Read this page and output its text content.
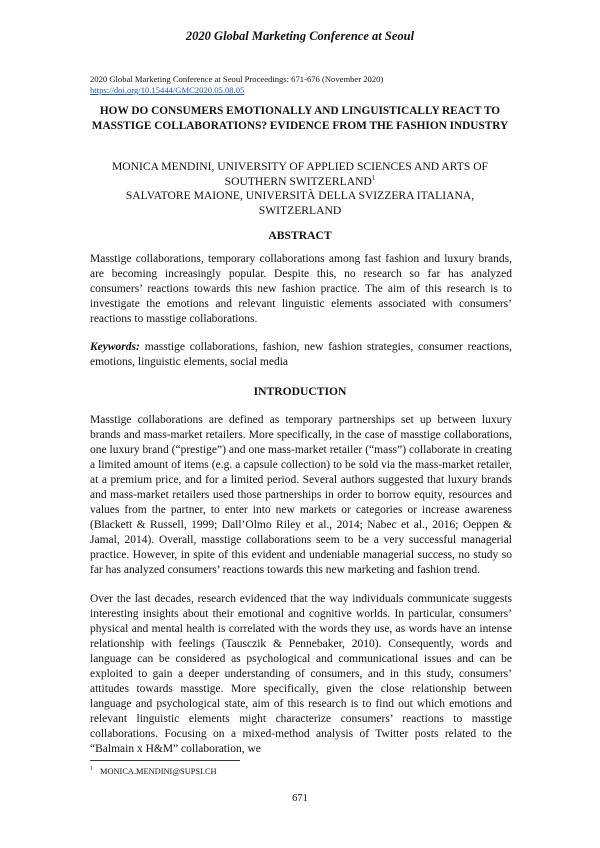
2020 Global Marketing Conference at Seoul
2020 Global Marketing Conference at Seoul Proceedings: 671-676 (November 2020)
https://doi.org/10.15444/GMC2020.05.08.05
HOW DO CONSUMERS EMOTIONALLY AND LINGUISTICALLY REACT TO MASSTIGE COLLABORATIONS? EVIDENCE FROM THE FASHION INDUSTRY
MONICA MENDINI, UNIVERSITY OF APPLIED SCIENCES AND ARTS OF
SOUTHERN SWITZERLAND$^1$
SALVATORE MAIONE, UNIVERSITÀ DELLA SVIZZERA ITALIANA,
SWITZERLAND
ABSTRACT

Masstige collaborations, temporary collaborations among fast fashion and luxury brands, are becoming increasingly popular. Despite this, no research so far has analyzed consumers’ reactions towards this new fashion practice. The aim of this research is to investigate the emotions and relevant linguistic elements associated with consumers’ reactions to masstige collaborations.

Keywords: masstige collaborations, fashion, new fashion strategies, consumer reactions, emotions, linguistic elements, social media

INTRODUCTION

Masstige collaborations are defined as temporary partnerships set up between luxury brands and mass-market retailers. More specifically, in the case of masstige collaborations, one luxury brand (“prestige”) and one mass-market retailer (“mass”) collaborate in creating a limited amount of items (e.g. a capsule collection) to be sold via the mass-market retailer, at a premium price, and for a limited period. Several authors suggested that luxury brands and mass-market retailers used those partnerships in order to borrow equity, resources and values from the partner, to enter into new markets or categories or increase awareness (Blackett & Russell, 1999; Dall’Olmo Riley et al., 2014; Nabec et al., 2016; Oeppen & Jamal, 2014). Overall, masstige collaborations seem to be a very successful managerial practice. However, in spite of this evident and undeniable managerial success, no study so far has analyzed consumers’ reactions towards this new marketing and fashion trend.

Over the last decades, research evidenced that the way individuals communicate suggests interesting insights about their emotional and cognitive worlds. In particular, consumers’ physical and mental health is correlated with the words they use, as words have an intense relationship with feelings (Tausczik & Pennebaker, 2010). Consequently, words and language can be considered as psychological and communicational issues and can be exploited to gain a deeper understanding of consumers, and in this study, consumers’ attitudes towards masstige. More specifically, given the close relationship between language and psychological state, aim of this research is to find out which emotions and relevant linguistic elements might characterize consumers’ reactions to masstige collaborations. Focusing on a mixed-method analysis of Twitter posts related to the “Balmain x H&M” collaboration, we

$^1$ MONICA.MENDINI@SUPSI.CH
671
